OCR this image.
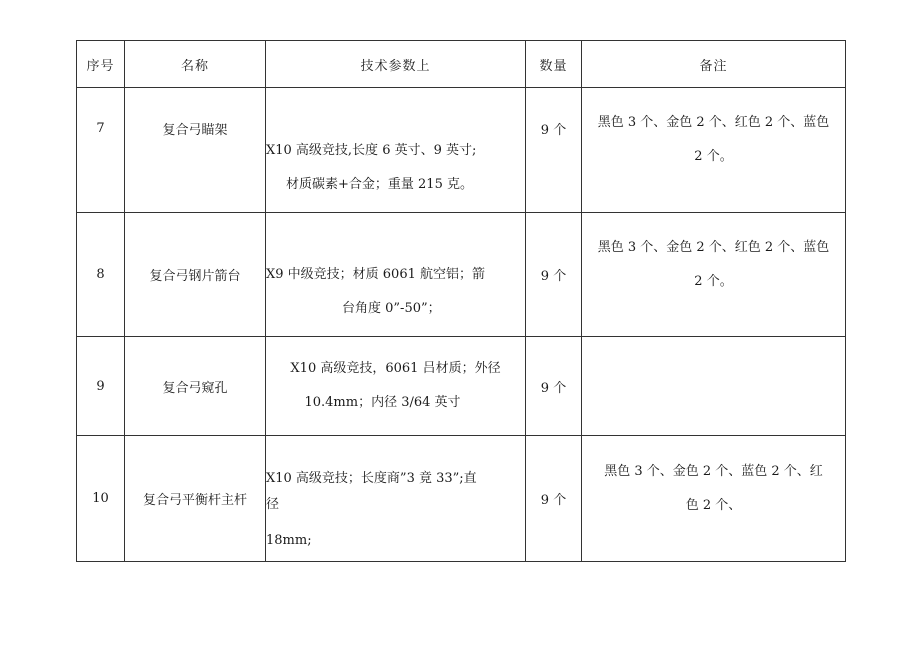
序号	名称	技术参数上	数量	备注
7	复合弓瞄架	X10 高级竞技,长度 6 英寸、9 英寸;
材质碳素+合金；重量 215 克。	9 个	黑色 3 个、金色 2 个、红色 2 个、蓝色
2 个。

8	复合弓钢片箭台	X9 中级竞技；材质 6061 航空铝；箭
台角度 0”-50”；	9 个	黑色 3 个、金色 2 个、红色 2 个、蓝色
2 个。

9	复合弓窥孔	X10 高级竞技，6061 吕材质；外径
10.4mm；内径 3/64 英寸	9 个	
10	复合弓平衡杆主杆	X10 高级竞技；长度商”3 竟 33”;直
径
18mm;	9 个	黑色 3 个、金色 2 个、蓝色 2 个、红
色 2 个、
